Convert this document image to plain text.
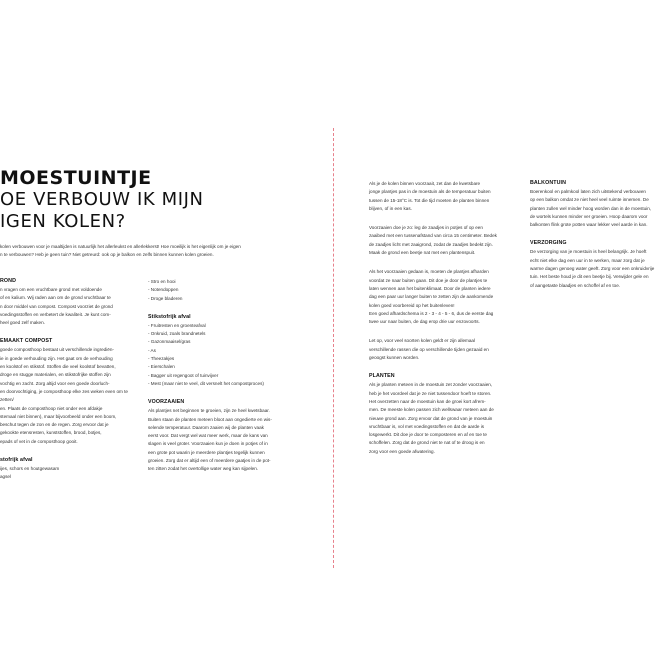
MOESTUINTJE
OE VERBOUW IK MIJN
IGEN KOLEN?

kolen verbouwen voor je maaltijden is natuurlijk het allerleukst en allerlekkerst! Hoe moeilijk is het eigenlijk om je eigen
n te verbouwen? Heb je geen tuin? Niet getreurd: ook op je balkon en zelfs binnen kunnen kolen groeien.

ROND

n vragen om een vruchtbare grond met voldoende
of en kalium. Wij raden aan om de grond vruchtbaar te
n door middel van compost. Compost voorziet de grond
voedingsstoffen en verbetert de kwaliteit. Je kunt com-
heel goed zelf maken.

EMAAKT COMPOST

goede composthoop bestaat uit verschillende ingrediën-
ie in goede verhouding zijn. Het gaat om de verhouding
en koolstof en stikstof. Stoffen die veel koolstof bevatten,
droge en stugge materialen, en stikstofrijke stoffen zijn
vochtig en zacht. Zorg altijd voor een goede doorluch-
en doorvochtiging, je composthoop elke zes weken even om te zetten/
en. Plaats de composthoop niet onder een afdakje
stemaal niet binnen), maar bijvoorbeeld onder een boom,
beschut tegen de zon en de regen. Zorg ervoor dat je
gekookte etensresten, kunststoffen, brood, botjes,
epads of vet in de composthoop gooit.

stofrijk afval

ijes, schors en houtgewasam
agsel
- Stro en hooi
- Notendoppen
- Droge bladeren

Stikstofrijk afval

- Fruitresten en groenteafval
- Onkruid, zoals brandnetels
- Gazonmaaisel/gras
- As
- Theezakjes
- Eierschalen
- Bagger uit regengoot of tuinvijver
- Mest (maar niet te veel, dit versnelt het compostproces)

VOORZAAIEN

Als plantjes net beginnen te groeien, zijn ze heel kwetsbaar.
Buiten staan de planten meteen bloot aan ongedierte en wis-
selende temperatuur. Daarom zaaien wij de planten vaak
eerst voor. Dat vergt wel wat meer werk, maar de kans van
slagen is veel groter. Voorzaaien kun je doen in potjes of in
een grote pot waarin je meerdere plantjes tegelijk kunnen
groeien. Zorg dat er altijd een of meerdere gaatjes in de pot-
ten zitten zodat het overtollige water weg kan sijpelen.

Als je de kolen binnen voorzaait, zet dan de kwetsbare
jonge plantjes pas in de moestuin als de temperatuur buiten
tussen de 15-18°C is. Tot die tijd moeten de planten binnen
blijven, of in een kas.

Voorzaaien doe je zo: leg de zaadjes in potjes of op een
zaaibed met een tussenafstand van circa 15 centimeter. Bedek
de zaadjes licht met zaaigrond, zodat de zaadjes bedekt zijn.
Maak de grond een beetje nat met een plantenspuit.

Als het voorzaaien gedaan is, moeten de plantjes afharden
voordat ze naar buiten gaan. Dit doe je door de plantjes te
laten wennen aan het buitenklimaat. Door de planten iedere
dag een paar uur langer buiten te zetten zijn de aankomende
kolen goed voorbereid op het buitenleven!
Een goed afhardschema is 2 - 3 - 4 - 5 - 6, dus de eerste dag
twee uur naar buiten, de dag erop drie uur enzovoorts.

Let op, voor veel soorten kolen geldt er zijn allemaal
verschillende rassen die op verschillende tijden gezaaid en
geoogst kunnen worden.

PLANTEN

Als je planten meteen in de moestuin zet zonder voorzaaien,
heb je het voordeel dat je ze niet tussendoor hoeft te storen.
Het overzetten naar de moestuin kan de groei kort afrem-
men. De meeste kolen passen zich wellswaar meteen aan de
nieuwe grond aan. Zorg ervoor dat de grond van je moestuin
vruchtbaar is, vol met voedingsstoffen en dat de aarde is
losgewerkt. Dit doe je door te composteren en af en toe te
schoffelen. Zorg dat de grond niet te nat of te droog is en
zorg voor een goede afwatering.

BALKONTUIN

Boerenkool en palmkool laten zich uitstekend verbouwen
op een balkon omdat ze niet heel veel ruimte innemen. De
planten zullen wel minder hoog worden dan in de moestuin,
de wortels kunnen minder ver groeien. Hoop daarom voor
balkonten flink grote potten waar lekker veel aarde in kan.

VERZORGING

De verzorging van je moestuin is heel belangrijk. Je hoeft
echt niet elke dag een uur in te werken, maar zorg dat je
warme dagen genoeg water geeft. Zorg voor een onkruidvrije
tuin. Het beste houd je dit een beetje bij. Verwijder gele en
of aangetaste blaadjes en schoffel af en toe.
